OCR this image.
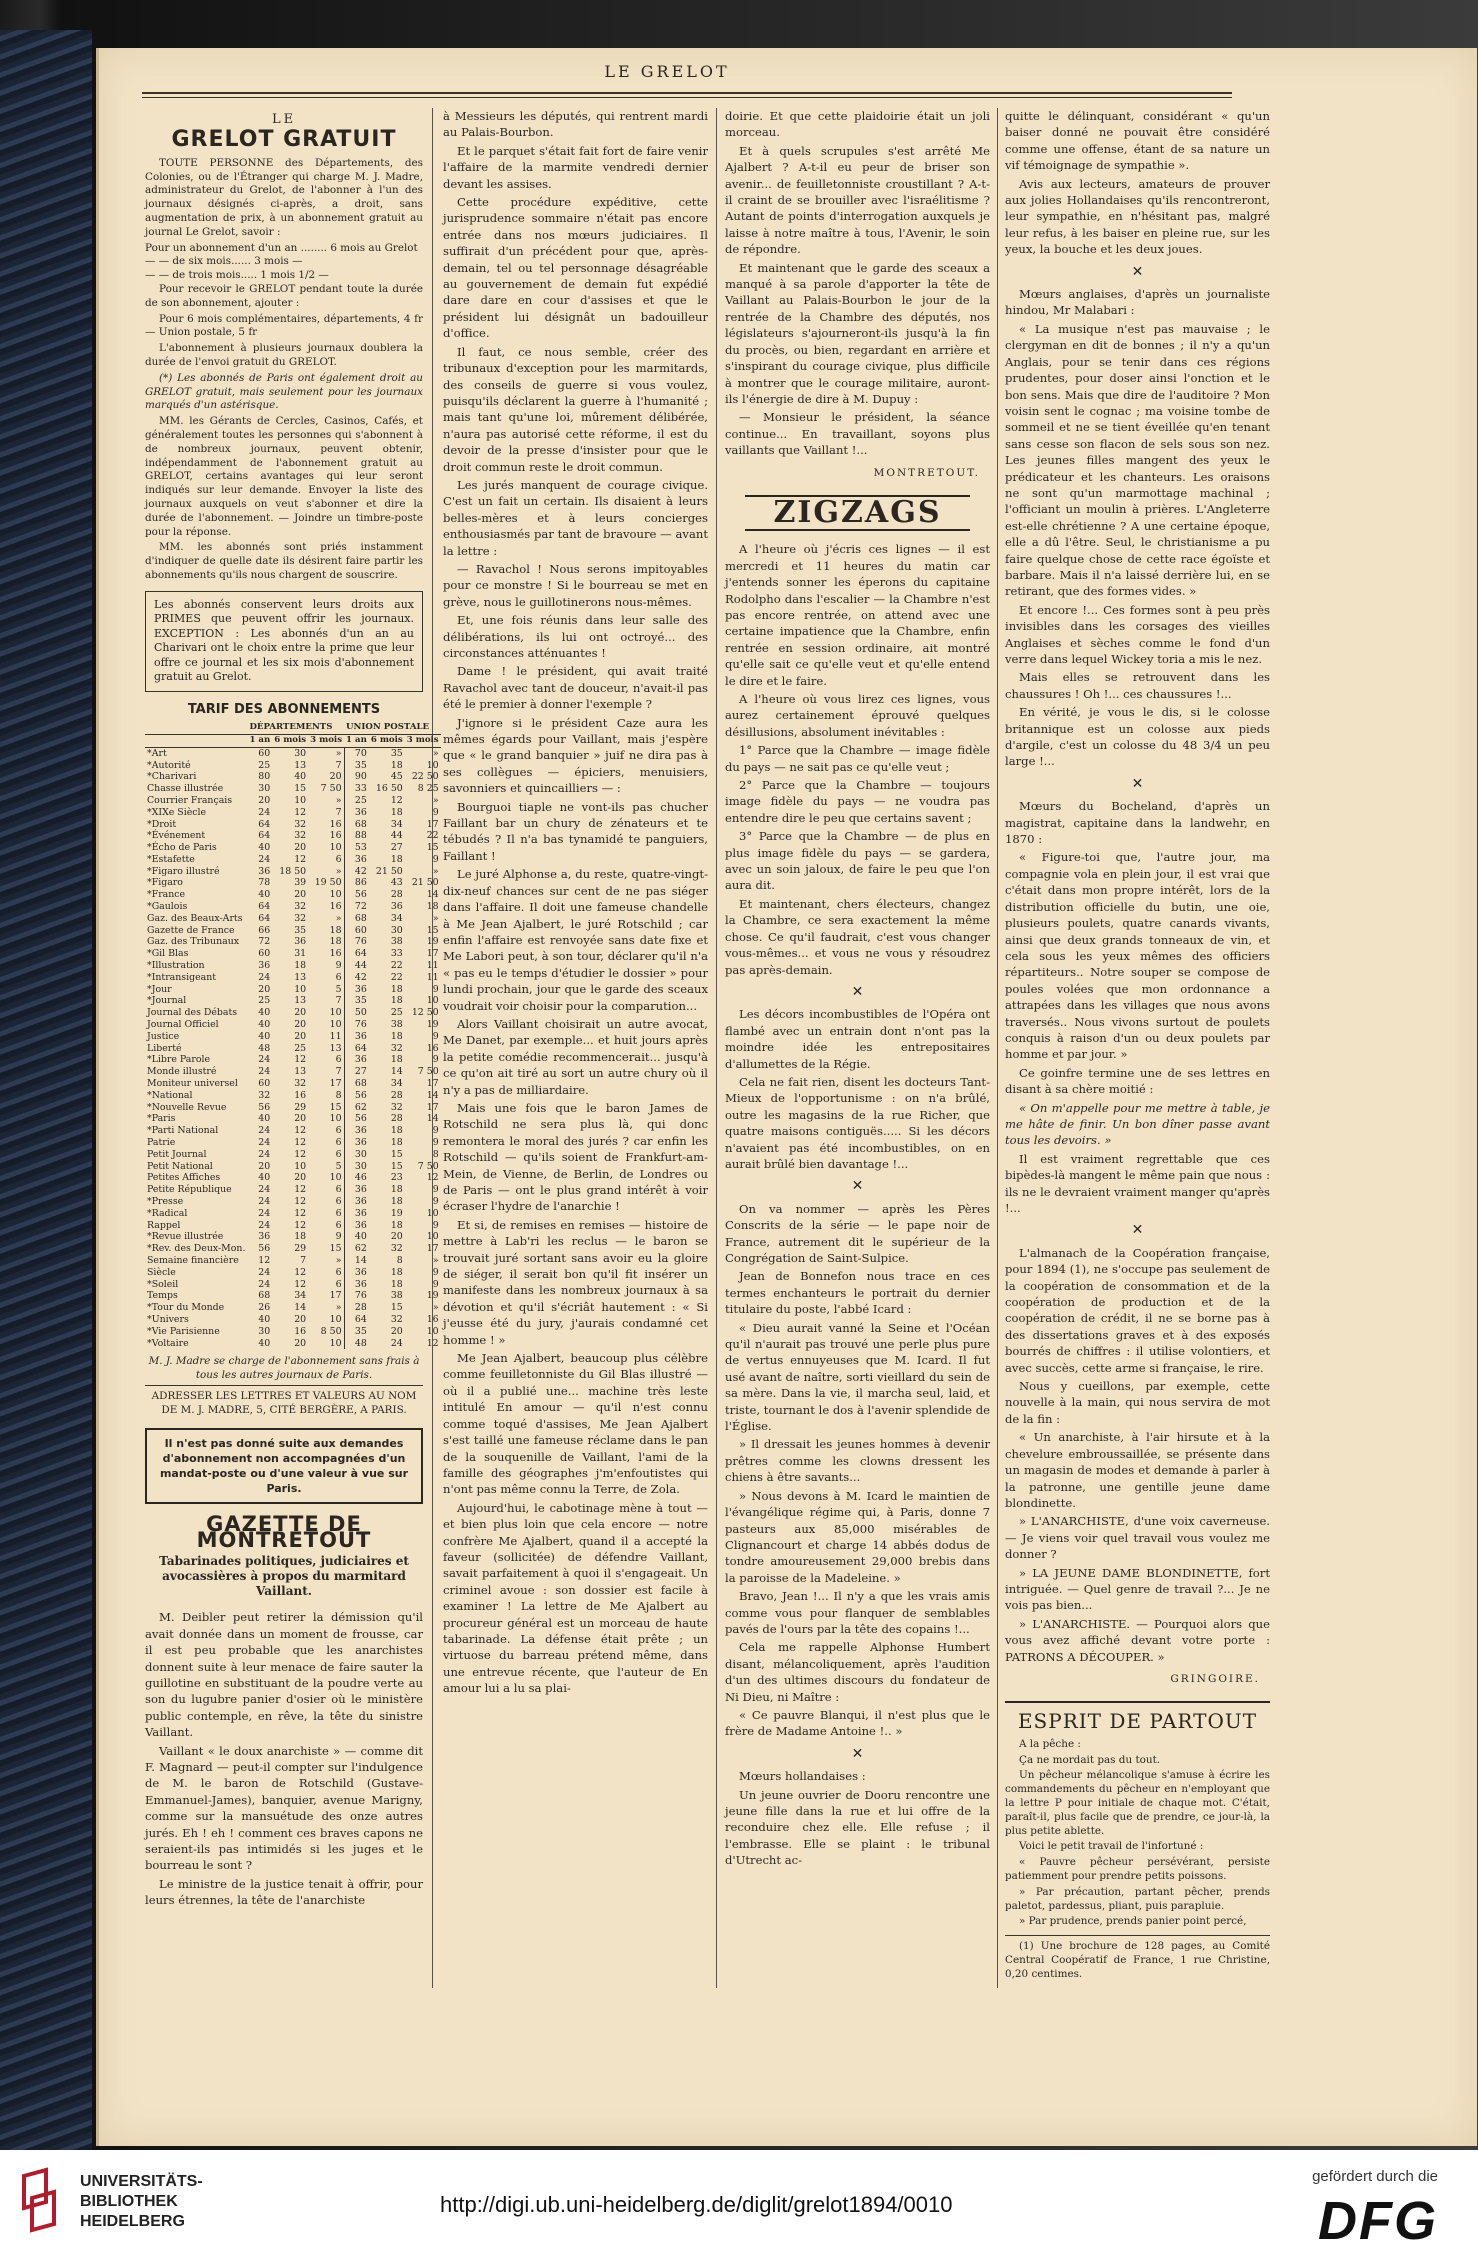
LE GRELOT
LE
GRELOT GRATUIT

TOUTE PERSONNE des Départements, des Colonies, ou de l'Étranger qui charge M. J. Madre, administrateur du Grelot, de l'abonner à l'un des journaux désignés ci-après, a droit, sans augmentation de prix, à un abonnement gratuit au journal Le Grelot, savoir :

Pour un abonnement d'un an ........ 6 mois au Grelot
— — de six mois...... 3 mois —
— — de trois mois..... 1 mois 1/2 —

Pour recevoir le GRELOT pendant toute la durée de son abonnement, ajouter :

Pour 6 mois complémentaires, départements, 4 fr — Union postale, 5 fr

L'abonnement à plusieurs journaux doublera la durée de l'envoi gratuit du GRELOT.

(*) Les abonnés de Paris ont également droit au GRELOT gratuit, mais seulement pour les journaux marqués d'un astérisque.

MM. les Gérants de Cercles, Casinos, Cafés, et généralement toutes les personnes qui s'abonnent à de nombreux journaux, peuvent obtenir, indépendamment de l'abonnement gratuit au GRELOT, certains avantages qui leur seront indiqués sur leur demande. Envoyer la liste des journaux auxquels on veut s'abonner et dire la durée de l'abonnement. — Joindre un timbre-poste pour la réponse.

MM. les abonnés sont priés instamment d'indiquer de quelle date ils désirent faire partir les abonnements qu'ils nous chargent de souscrire.

Les abonnés conservent leurs droits aux PRIMES que peuvent offrir les journaux. EXCEPTION : Les abonnés d'un an au Charivari ont le choix entre la prime que leur offre ce journal et les six mois d'abonnement gratuit au Grelot.
TARIF DES ABONNEMENTS
	DÉPARTEMENTS			UNION POSTALE		
	1 an	6 mois	3 mois	1 an	6 mois	3 mois
*Art	60	30	»	70	35	»
*Autorité	25	13	7	35	18	10
*Charivari	80	40	20	90	45	22 50
Chasse illustrée	30	15	7 50	33	16 50	8 25
Courrier Français	20	10	»	25	12	»
*XIXe Siècle	24	12	7	36	18	9
*Droit	64	32	16	68	34	17
*Événement	64	32	16	88	44	22
*Écho de Paris	40	20	10	53	27	15
*Estafette	24	12	6	36	18	9
*Figaro illustré	36	18 50	»	42	21 50	»
*Figaro	78	39	19 50	86	43	21 50
*France	40	20	10	56	28	14
*Gaulois	64	32	16	72	36	18
Gaz. des Beaux-Arts	64	32	»	68	34	»
Gazette de France	66	35	18	60	30	15
Gaz. des Tribunaux	72	36	18	76	38	19
*Gil Blas	60	31	16	64	33	17
*Illustration	36	18	9	44	22	11
*Intransigeant	24	13	6	42	22	11
*Jour	20	10	5	36	18	9
*Journal	25	13	7	35	18	10
Journal des Débats	40	20	10	50	25	12 50
Journal Officiel	40	20	10	76	38	19
Justice	40	20	11	36	18	9
Liberté	48	25	13	64	32	16
*Libre Parole	24	12	6	36	18	9
Monde illustré	24	13	7	27	14	7 50
Moniteur universel	60	32	17	68	34	17
*National	32	16	8	56	28	14
*Nouvelle Revue	56	29	15	62	32	17
*Paris	40	20	10	56	28	14
*Parti National	24	12	6	36	18	9
Patrie	24	12	6	36	18	9
Petit Journal	24	12	6	30	15	8
Petit National	20	10	5	30	15	7 50
Petites Affiches	40	20	10	46	23	12
Petite République	24	12	6	36	18	9
*Presse	24	12	6	36	18	9
*Radical	24	12	6	36	19	10
Rappel	24	12	6	36	18	9
*Revue illustrée	36	18	9	40	20	10
*Rev. des Deux-Mon.	56	29	15	62	32	17
Semaine financière	12	7	»	14	8	»
Siècle	24	12	6	36	18	9
*Soleil	24	12	6	36	18	9
Temps	68	34	17	76	38	19
*Tour du Monde	26	14	»	28	15	»
*Univers	40	20	10	64	32	16
*Vie Parisienne	30	16	8 50	35	20	10
*Voltaire	40	20	10	48	24	12

M. J. Madre se charge de l'abonnement sans frais à tous les autres journaux de Paris.

ADRESSER LES LETTRES ET VALEURS AU NOM DE M. J. MADRE, 5, CITÉ BERGÈRE, A PARIS.

Il n'est pas donné suite aux demandes d'abonnement non accompagnées d'un mandat-poste ou d'une valeur à vue sur Paris.
GAZETTE DE MONTRETOUT
Tabarinades politiques, judiciaires et avocassières à propos du marmitard Vaillant.

M. Deibler peut retirer la démission qu'il avait donnée dans un moment de frousse, car il est peu probable que les anarchistes donnent suite à leur menace de faire sauter la guillotine en substituant de la poudre verte au son du lugubre panier d'osier où le ministère public contemple, en rêve, la tête du sinistre Vaillant.

Vaillant « le doux anarchiste » — comme dit F. Magnard — peut-il compter sur l'indulgence de M. le baron de Rotschild (Gustave-Emmanuel-James), banquier, avenue Marigny, comme sur la mansuétude des onze autres jurés. Eh ! eh ! comment ces braves capons ne seraient-ils pas intimidés si les juges et le bourreau le sont ?

Le ministre de la justice tenait à offrir, pour leurs étrennes, la tête de l'anarchiste

à Messieurs les députés, qui rentrent mardi au Palais-Bourbon.

Et le parquet s'était fait fort de faire venir l'affaire de la marmite vendredi dernier devant les assises.

Cette procédure expéditive, cette jurisprudence sommaire n'était pas encore entrée dans nos mœurs judiciaires. Il suffirait d'un précédent pour que, après-demain, tel ou tel personnage désagréable au gouvernement de demain fut expédié dare dare en cour d'assises et que le président lui désignât un badouilleur d'office.

Il faut, ce nous semble, créer des tribunaux d'exception pour les marmitards, des conseils de guerre si vous voulez, puisqu'ils déclarent la guerre à l'humanité ; mais tant qu'une loi, mûrement délibérée, n'aura pas autorisé cette réforme, il est du devoir de la presse d'insister pour que le droit commun reste le droit commun.

Les jurés manquent de courage civique. C'est un fait un certain. Ils disaient à leurs belles-mères et à leurs concierges enthousiasmés par tant de bravoure — avant la lettre :

— Ravachol ! Nous serons impitoyables pour ce monstre ! Si le bourreau se met en grève, nous le guillotinerons nous-mêmes.

Et, une fois réunis dans leur salle des délibérations, ils lui ont octroyé... des circonstances atténuantes !

Dame ! le président, qui avait traité Ravachol avec tant de douceur, n'avait-il pas été le premier à donner l'exemple ?

J'ignore si le président Caze aura les mêmes égards pour Vaillant, mais j'espère que « le grand banquier » juif ne dira pas à ses collègues — épiciers, menuisiers, savonniers et quincailliers — :

Bourguoi tiaple ne vont-ils pas chucher Faillant bar un chury de zénateurs et te tébudés ? Il n'a bas tynamidé te panguiers, Faillant !

Le juré Alphonse a, du reste, quatre-vingt-dix-neuf chances sur cent de ne pas siéger dans l'affaire. Il doit une fameuse chandelle à Me Jean Ajalbert, le juré Rotschild ; car enfin l'affaire est renvoyée sans date fixe et Me Labori peut, à son tour, déclarer qu'il n'a « pas eu le temps d'étudier le dossier » pour lundi prochain, jour que le garde des sceaux voudrait voir choisir pour la comparution...

Alors Vaillant choisirait un autre avocat, Me Danet, par exemple... et huit jours après la petite comédie recommencerait... jusqu'à ce qu'on ait tiré au sort un autre chury où il n'y a pas de milliardaire.

Mais une fois que le baron James de Rotschild ne sera plus là, qui donc remontera le moral des jurés ? car enfin les Rotschild — qu'ils soient de Frankfurt-am-Mein, de Vienne, de Berlin, de Londres ou de Paris — ont le plus grand intérêt à voir écraser l'hydre de l'anarchie !

Et si, de remises en remises — histoire de mettre à Lab'ri les reclus — le baron se trouvait juré sortant sans avoir eu la gloire de siéger, il serait bon qu'il fit insérer un manifeste dans les nombreux journaux à sa dévotion et qu'il s'écriât hautement : « Si j'eusse été du jury, j'aurais condamné cet homme ! »

Me Jean Ajalbert, beaucoup plus célèbre comme feuilletonniste du Gil Blas illustré — où il a publié une... machine très leste intitulé En amour — qu'il n'est connu comme toqué d'assises, Me Jean Ajalbert s'est taillé une fameuse réclame dans le pan de la souquenille de Vaillant, l'ami de la famille des géographes j'm'enfoutistes qui n'ont pas même connu la Terre, de Zola.

Aujourd'hui, le cabotinage mène à tout — et bien plus loin que cela encore — notre confrère Me Ajalbert, quand il a accepté la faveur (sollicitée) de défendre Vaillant, savait parfaitement à quoi il s'engageait. Un criminel avoue : son dossier est facile à examiner ! La lettre de Me Ajalbert au procureur général est un morceau de haute tabarinade. La défense était prête ; un virtuose du barreau prétend même, dans une entrevue récente, que l'auteur de En amour lui a lu sa plai-

doirie. Et que cette plaidoirie était un joli morceau.

Et à quels scrupules s'est arrêté Me Ajalbert ? A-t-il eu peur de briser son avenir... de feuilletonniste croustillant ? A-t-il craint de se brouiller avec l'israélitisme ? Autant de points d'interrogation auxquels je laisse à notre maître à tous, l'Avenir, le soin de répondre.

Et maintenant que le garde des sceaux a manqué à sa parole d'apporter la tête de Vaillant au Palais-Bourbon le jour de la rentrée de la Chambre des députés, nos législateurs s'ajourneront-ils jusqu'à la fin du procès, ou bien, regardant en arrière et s'inspirant du courage civique, plus difficile à montrer que le courage militaire, auront-ils l'énergie de dire à M. Dupuy :

— Monsieur le président, la séance continue... En travaillant, soyons plus vaillants que Vaillant !...

MONTRETOUT.
ZIGZAGS

A l'heure où j'écris ces lignes — il est mercredi et 11 heures du matin car j'entends sonner les éperons du capitaine Rodolpho dans l'escalier — la Chambre n'est pas encore rentrée, on attend avec une certaine impatience que la Chambre, enfin rentrée en session ordinaire, ait montré qu'elle sait ce qu'elle veut et qu'elle entend le dire et le faire.

A l'heure où vous lirez ces lignes, vous aurez certainement éprouvé quelques désillusions, absolument inévitables :

1° Parce que la Chambre — image fidèle du pays — ne sait pas ce qu'elle veut ;

2° Parce que la Chambre — toujours image fidèle du pays — ne voudra pas entendre dire le peu que certains savent ;

3° Parce que la Chambre — de plus en plus image fidèle du pays — se gardera, avec un soin jaloux, de faire le peu que l'on aura dit.

Et maintenant, chers électeurs, changez la Chambre, ce sera exactement la même chose. Ce qu'il faudrait, c'est vous changer vous-mêmes... et vous ne vous y résoudrez pas après-demain.

✕

Les décors incombustibles de l'Opéra ont flambé avec un entrain dont n'ont pas la moindre idée les entrepositaires d'allumettes de la Régie.

Cela ne fait rien, disent les docteurs Tant-Mieux de l'opportunisme : on n'a brûlé, outre les magasins de la rue Richer, que quatre maisons contiguës..... Si les décors n'avaient pas été incombustibles, on en aurait brûlé bien davantage !...

✕

On va nommer — après les Pères Conscrits de la série — le pape noir de France, autrement dit le supérieur de la Congrégation de Saint-Sulpice.

Jean de Bonnefon nous trace en ces termes enchanteurs le portrait du dernier titulaire du poste, l'abbé Icard :

« Dieu aurait vanné la Seine et l'Océan qu'il n'aurait pas trouvé une perle plus pure de vertus ennuyeuses que M. Icard. Il fut usé avant de naître, sorti vieillard du sein de sa mère. Dans la vie, il marcha seul, laid, et triste, tournant le dos à l'avenir splendide de l'Église.

» Il dressait les jeunes hommes à devenir prêtres comme les clowns dressent les chiens à être savants...

» Nous devons à M. Icard le maintien de l'évangélique régime qui, à Paris, donne 7 pasteurs aux 85,000 misérables de Clignancourt et charge 14 abbés dodus de tondre amoureusement 29,000 brebis dans la paroisse de la Madeleine. »

Bravo, Jean !... Il n'y a que les vrais amis comme vous pour flanquer de semblables pavés de l'ours par la tête des copains !...

Cela me rappelle Alphonse Humbert disant, mélancoliquement, après l'audition d'un des ultimes discours du fondateur de Ni Dieu, ni Maître :

« Ce pauvre Blanqui, il n'est plus que le frère de Madame Antoine !.. »

✕

Mœurs hollandaises :

Un jeune ouvrier de Dooru rencontre une jeune fille dans la rue et lui offre de la reconduire chez elle. Elle refuse ; il l'embrasse. Elle se plaint : le tribunal d'Utrecht ac-

quitte le délinquant, considérant « qu'un baiser donné ne pouvait être considéré comme une offense, étant de sa nature un vif témoignage de sympathie ».

Avis aux lecteurs, amateurs de prouver aux jolies Hollandaises qu'ils rencontreront, leur sympathie, en n'hésitant pas, malgré leur refus, à les baiser en pleine rue, sur les yeux, la bouche et les deux joues.

✕

Mœurs anglaises, d'après un journaliste hindou, Mr Malabari :

« La musique n'est pas mauvaise ; le clergyman en dit de bonnes ; il n'y a qu'un Anglais, pour se tenir dans ces régions prudentes, pour doser ainsi l'onction et le bon sens. Mais que dire de l'auditoire ? Mon voisin sent le cognac ; ma voisine tombe de sommeil et ne se tient éveillée qu'en tenant sans cesse son flacon de sels sous son nez. Les jeunes filles mangent des yeux le prédicateur et les chanteurs. Les oraisons ne sont qu'un marmottage machinal ; l'officiant un moulin à prières. L'Angleterre est-elle chrétienne ? A une certaine époque, elle a dû l'être. Seul, le christianisme a pu faire quelque chose de cette race égoïste et barbare. Mais il n'a laissé derrière lui, en se retirant, que des formes vides. »

Et encore !... Ces formes sont à peu près invisibles dans les corsages des vieilles Anglaises et sèches comme le fond d'un verre dans lequel Wickey toria a mis le nez.

Mais elles se retrouvent dans les chaussures ! Oh !... ces chaussures !...

En vérité, je vous le dis, si le colosse britannique est un colosse aux pieds d'argile, c'est un colosse du 48 3/4 un peu large !...

✕

Mœurs du Bocheland, d'après un magistrat, capitaine dans la landwehr, en 1870 :

« Figure-toi que, l'autre jour, ma compagnie vola en plein jour, il est vrai que c'était dans mon propre intérêt, lors de la distribution officielle du butin, une oie, plusieurs poulets, quatre canards vivants, ainsi que deux grands tonneaux de vin, et cela sous les yeux mêmes des officiers répartiteurs.. Notre souper se compose de poules volées que mon ordonnance a attrapées dans les villages que nous avons traversés.. Nous vivons surtout de poulets conquis à raison d'un ou deux poulets par homme et par jour. »

Ce goinfre termine une de ses lettres en disant à sa chère moitié :

« On m'appelle pour me mettre à table, je me hâte de finir. Un bon dîner passe avant tous les devoirs. »

Il est vraiment regrettable que ces bipèdes-là mangent le même pain que nous : ils ne le devraient vraiment manger qu'après !...

✕

L'almanach de la Coopération française, pour 1894 (1), ne s'occupe pas seulement de la coopération de consommation et de la coopération de production et de la coopération de crédit, il ne se borne pas à des dissertations graves et à des exposés bourrés de chiffres : il utilise volontiers, et avec succès, cette arme si française, le rire.

Nous y cueillons, par exemple, cette nouvelle à la main, qui nous servira de mot de la fin :

« Un anarchiste, à l'air hirsute et à la chevelure embroussaillée, se présente dans un magasin de modes et demande à parler à la patronne, une gentille jeune dame blondinette.

» L'ANARCHISTE, d'une voix caverneuse. — Je viens voir quel travail vous voulez me donner ?

» LA JEUNE DAME BLONDINETTE, fort intriguée. — Quel genre de travail ?... Je ne vois pas bien...

» L'ANARCHISTE. — Pourquoi alors que vous avez affiché devant votre porte : PATRONS A DÉCOUPER. »

GRINGOIRE.
ESPRIT DE PARTOUT

A la pêche :

Ça ne mordait pas du tout.

Un pêcheur mélancolique s'amuse à écrire les commandements du pêcheur en n'employant que la lettre P pour initiale de chaque mot. C'était, paraît-il, plus facile que de prendre, ce jour-là, la plus petite ablette.

Voici le petit travail de l'infortuné :

« Pauvre pêcheur persévérant, persiste patiemment pour prendre petits poissons.

» Par précaution, partant pêcher, prends paletot, pardessus, pliant, puis parapluie.

» Par prudence, prends panier point percé,

(1) Une brochure de 128 pages, au Comité Central Coopératif de France, 1 rue Christine, 0,20 centimes.

UNIVERSITÄTS-
BIBLIOTHEK
HEIDELBERG
http://digi.ub.uni-heidelberg.de/diglit/grelot1894/0010
gefördert durch die
DFG
